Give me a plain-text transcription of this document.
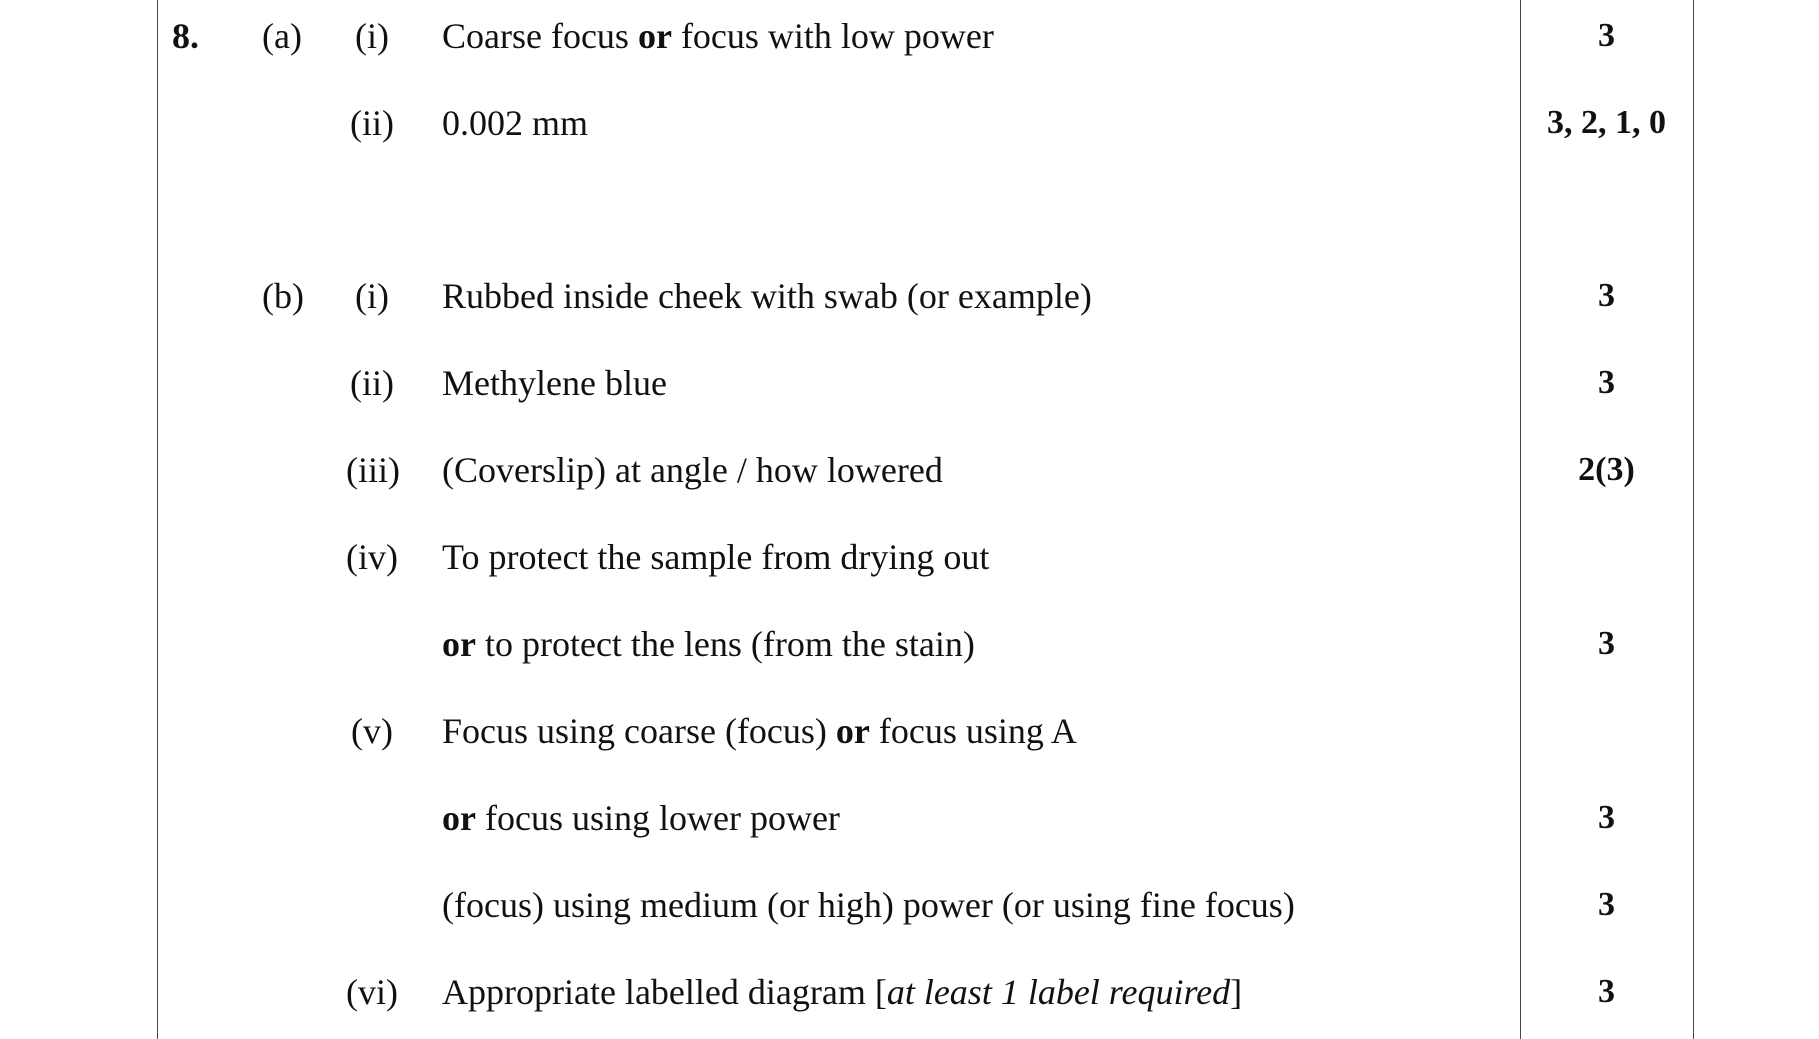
8. (a) (i) Coarse focus or focus with low power	3
(ii) 0.002 mm	3, 2, 1, 0
(b) (i) Rubbed inside cheek with swab (or example)	3
(ii) Methylene blue	3
(iii) (Coverslip) at angle / how lowered	2(3)
(iv) To protect the sample from drying out
or to protect the lens (from the stain)	3
(v) Focus using coarse (focus) or focus using A
or focus using lower power	3
(focus) using medium (or high) power (or using fine focus)	3
(vi) Appropriate labelled diagram [at least 1 label required]	3
